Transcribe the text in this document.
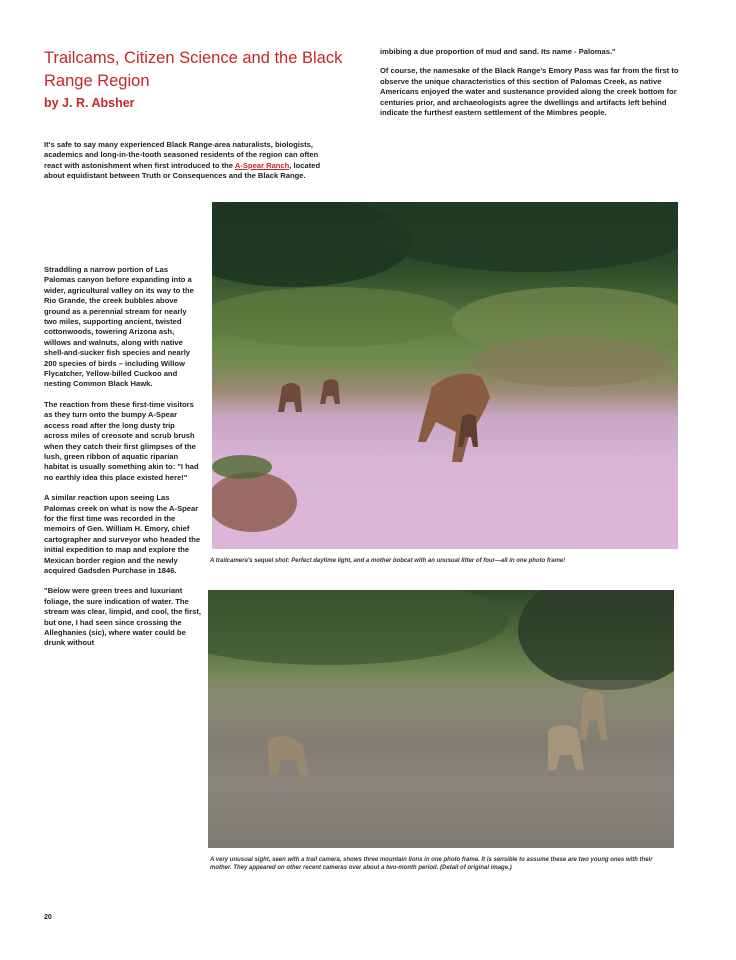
Trailcams, Citizen Science and the Black Range Region

by J. R. Absher

It's safe to say many experienced Black Range-area naturalists, biologists, academics and long-in-the-tooth seasoned residents of the region can often react with astonishment when first introduced to the A-Spear Ranch, located about equidistant between Truth or Consequences and the Black Range.

Straddling a narrow portion of Las Palomas canyon before expanding into a wider, agricultural valley on its way to the Rio Grande, the creek bubbles above ground as a perennial stream for nearly two miles, supporting ancient, twisted cottonwoods, towering Arizona ash, willows and walnuts, along with native shell-and-sucker fish species and nearly 200 species of birds – including Willow Flycatcher, Yellow-billed Cuckoo and nesting Common Black Hawk.

The reaction from these first-time visitors as they turn onto the bumpy A-Spear access road after the long dusty trip across miles of creosote and scrub brush when they catch their first glimpses of the lush, green ribbon of aquatic riparian habitat is usually something akin to: "I had no earthly idea this place existed here!"

A similar reaction upon seeing Las Palomas creek on what is now the A-Spear for the first time was recorded in the memoirs of Gen. William H. Emory, chief cartographer and surveyor who headed the initial expedition to map and explore the Mexican border region and the newly acquired Gadsden Purchase in 1846.

"Below were green trees and luxuriant foliage, the sure indication of water. The stream was clear, limpid, and cool, the first, but one, I had seen since crossing the Alleghanies (sic), where water could be drunk without

imbibing a due proportion of mud and sand. Its name - Palomas."

Of course, the namesake of the Black Range's Emory Pass was far from the first to observe the unique characteristics of this section of Palomas Creek, as native Americans enjoyed the water and sustenance provided along the creek bottom for centuries prior, and archaeologists agree the dwellings and artifacts left behind indicate the furthest eastern settlement of the Mimbres people.

A trailcamera's sequel shot: Perfect daytime light, and a mother bobcat with an unusual litter of four—all in one photo frame!

A very unusual sight, seen with a trail camera, shows three mountain lions in one photo frame. It is sensible to assume these are two young ones with their mother. They appeared on other recent cameras over about a two-month period. (Detail of original image.)

20
